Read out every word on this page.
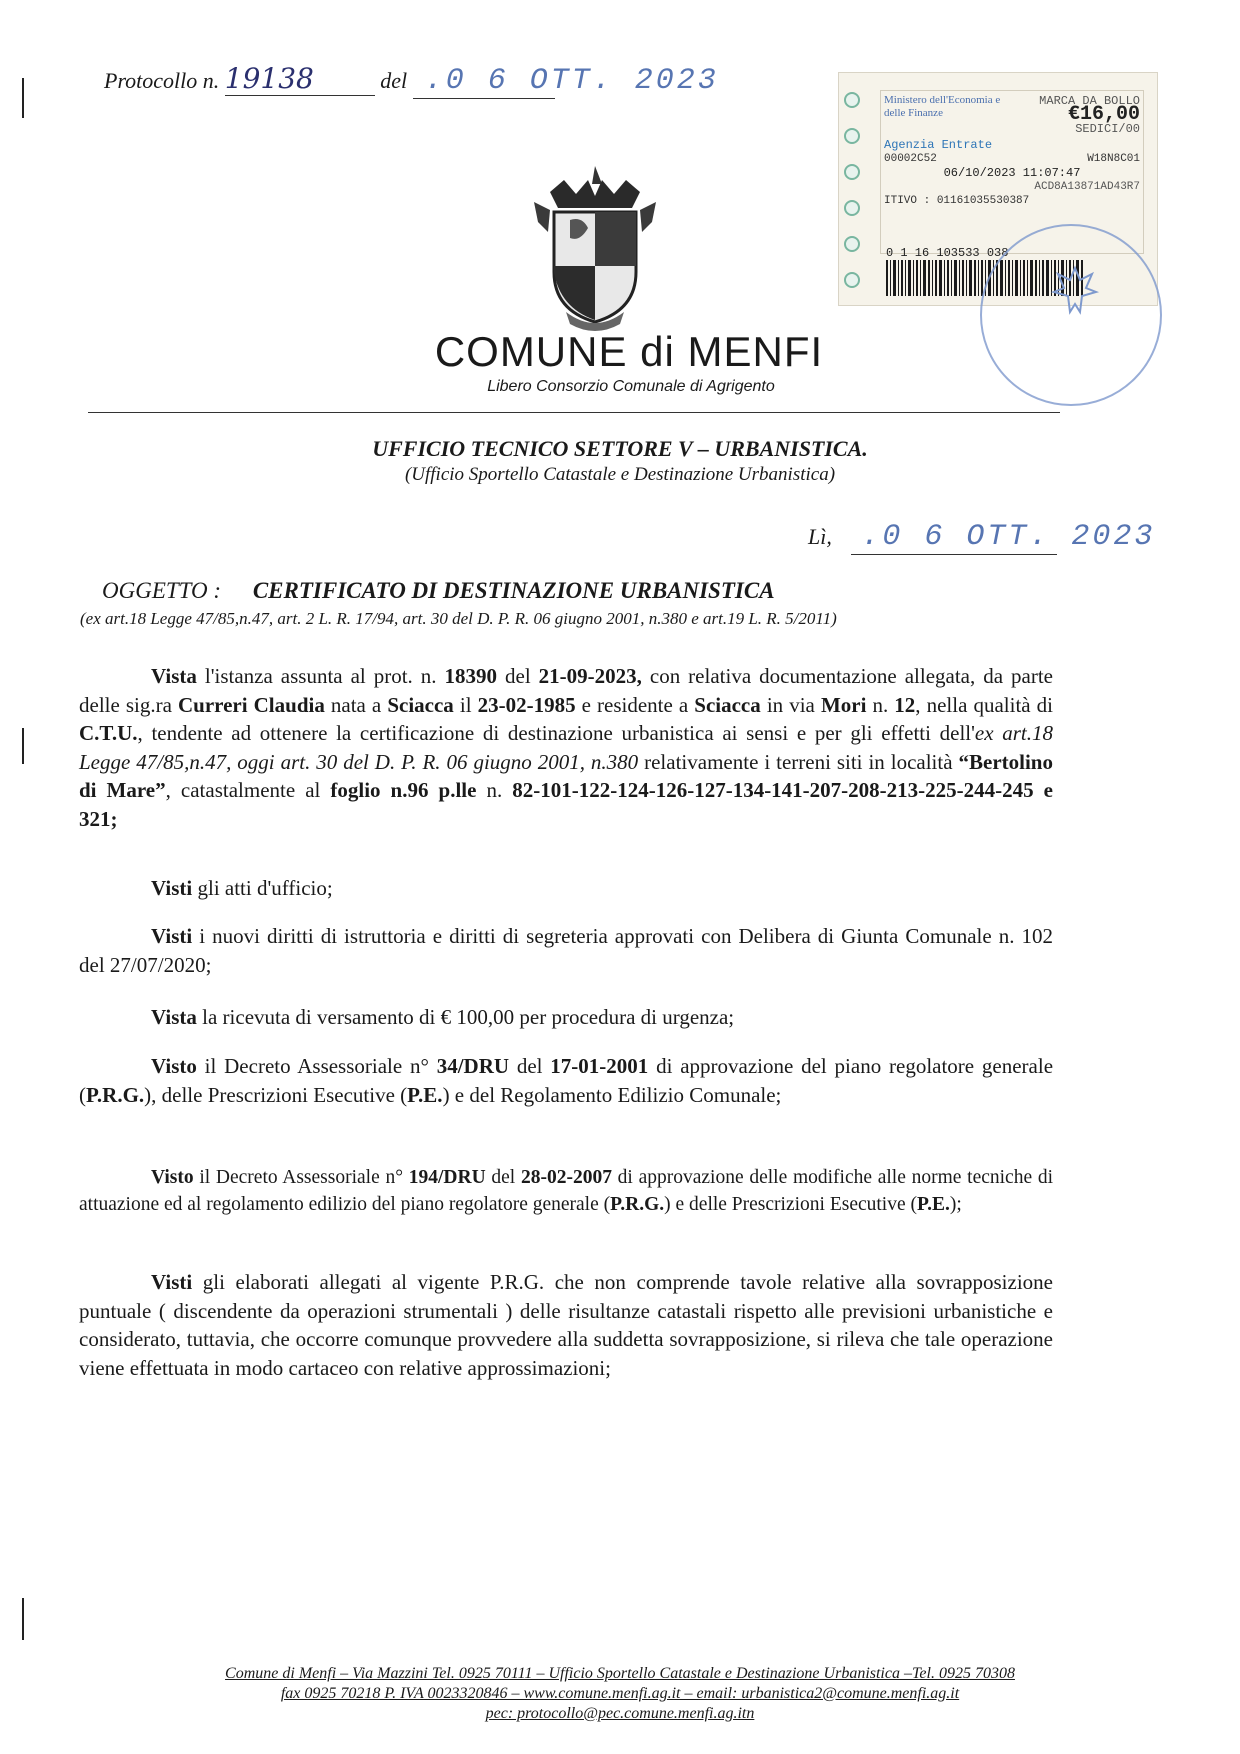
Protocollo n. 19138	del .0 6 OTT. 2023
Ministero dell'Economia e delle Finanze
MARCA DA BOLLO
€16,00
SEDICI/00
Agenzia Entrate
00002C52	W18N8C01
06/10/2023 11:07:47
ACD8A13871AD43R7
ITIVO : 01161035530387
0 1 16 103533 038
COMUNE di MENFI
Libero Consorzio Comunale di Agrigento
UFFICIO TECNICO SETTORE V – URBANISTICA.
(Ufficio Sportello Catastale e Destinazione Urbanistica)
Lì, .0 6 OTT. 2023
OGGETTO : CERTIFICATO DI DESTINAZIONE URBANISTICA
(ex art.18 Legge 47/85,n.47, art. 2 L. R. 17/94, art. 30 del D. P. R. 06 giugno 2001, n.380 e art.19 L. R. 5/2011)
Vista l'istanza assunta al prot. n. 18390 del 21-09-2023, con relativa documentazione allegata, da parte delle sig.ra Curreri Claudia nata a Sciacca il 23-02-1985 e residente a Sciacca in via Mori n. 12, nella qualità di C.T.U., tendente ad ottenere la certificazione di destinazione urbanistica ai sensi e per gli effetti dell'ex art.18 Legge 47/85,n.47, oggi art. 30 del D. P. R. 06 giugno 2001, n.380 relativamente i terreni siti in località “Bertolino di Mare”, catastalmente al foglio n.96 p.lle n. 82-101-122-124-126-127-134-141-207-208-213-225-244-245 e 321;
Visti gli atti d'ufficio;
Visti i nuovi diritti di istruttoria e diritti di segreteria approvati con Delibera di Giunta Comunale n. 102 del 27/07/2020;
Vista la ricevuta di versamento di € 100,00 per procedura di urgenza;
Visto il Decreto Assessoriale n° 34/DRU del 17-01-2001 di approvazione del piano regolatore generale (P.R.G.), delle Prescrizioni Esecutive (P.E.) e del Regolamento Edilizio Comunale;
Visto il Decreto Assessoriale n° 194/DRU del 28-02-2007 di approvazione delle modifiche alle norme tecniche di attuazione ed al regolamento edilizio del piano regolatore generale (P.R.G.) e delle Prescrizioni Esecutive (P.E.);
Visti gli elaborati allegati al vigente P.R.G. che non comprende tavole relative alla sovrapposizione puntuale ( discendente da operazioni strumentali ) delle risultanze catastali rispetto alle previsioni urbanistiche e considerato, tuttavia, che occorre comunque provvedere alla suddetta sovrapposizione, si rileva che tale operazione viene effettuata in modo cartaceo con relative approssimazioni;
Comune di Menfi – Via Mazzini Tel. 0925 70111 – Ufficio Sportello Catastale e Destinazione Urbanistica –Tel. 0925 70308
fax 0925 70218 P. IVA 0023320846 – www.comune.menfi.ag.it – email: urbanistica2@comune.menfi.ag.it
pec: protocollo@pec.comune.menfi.ag.itn
